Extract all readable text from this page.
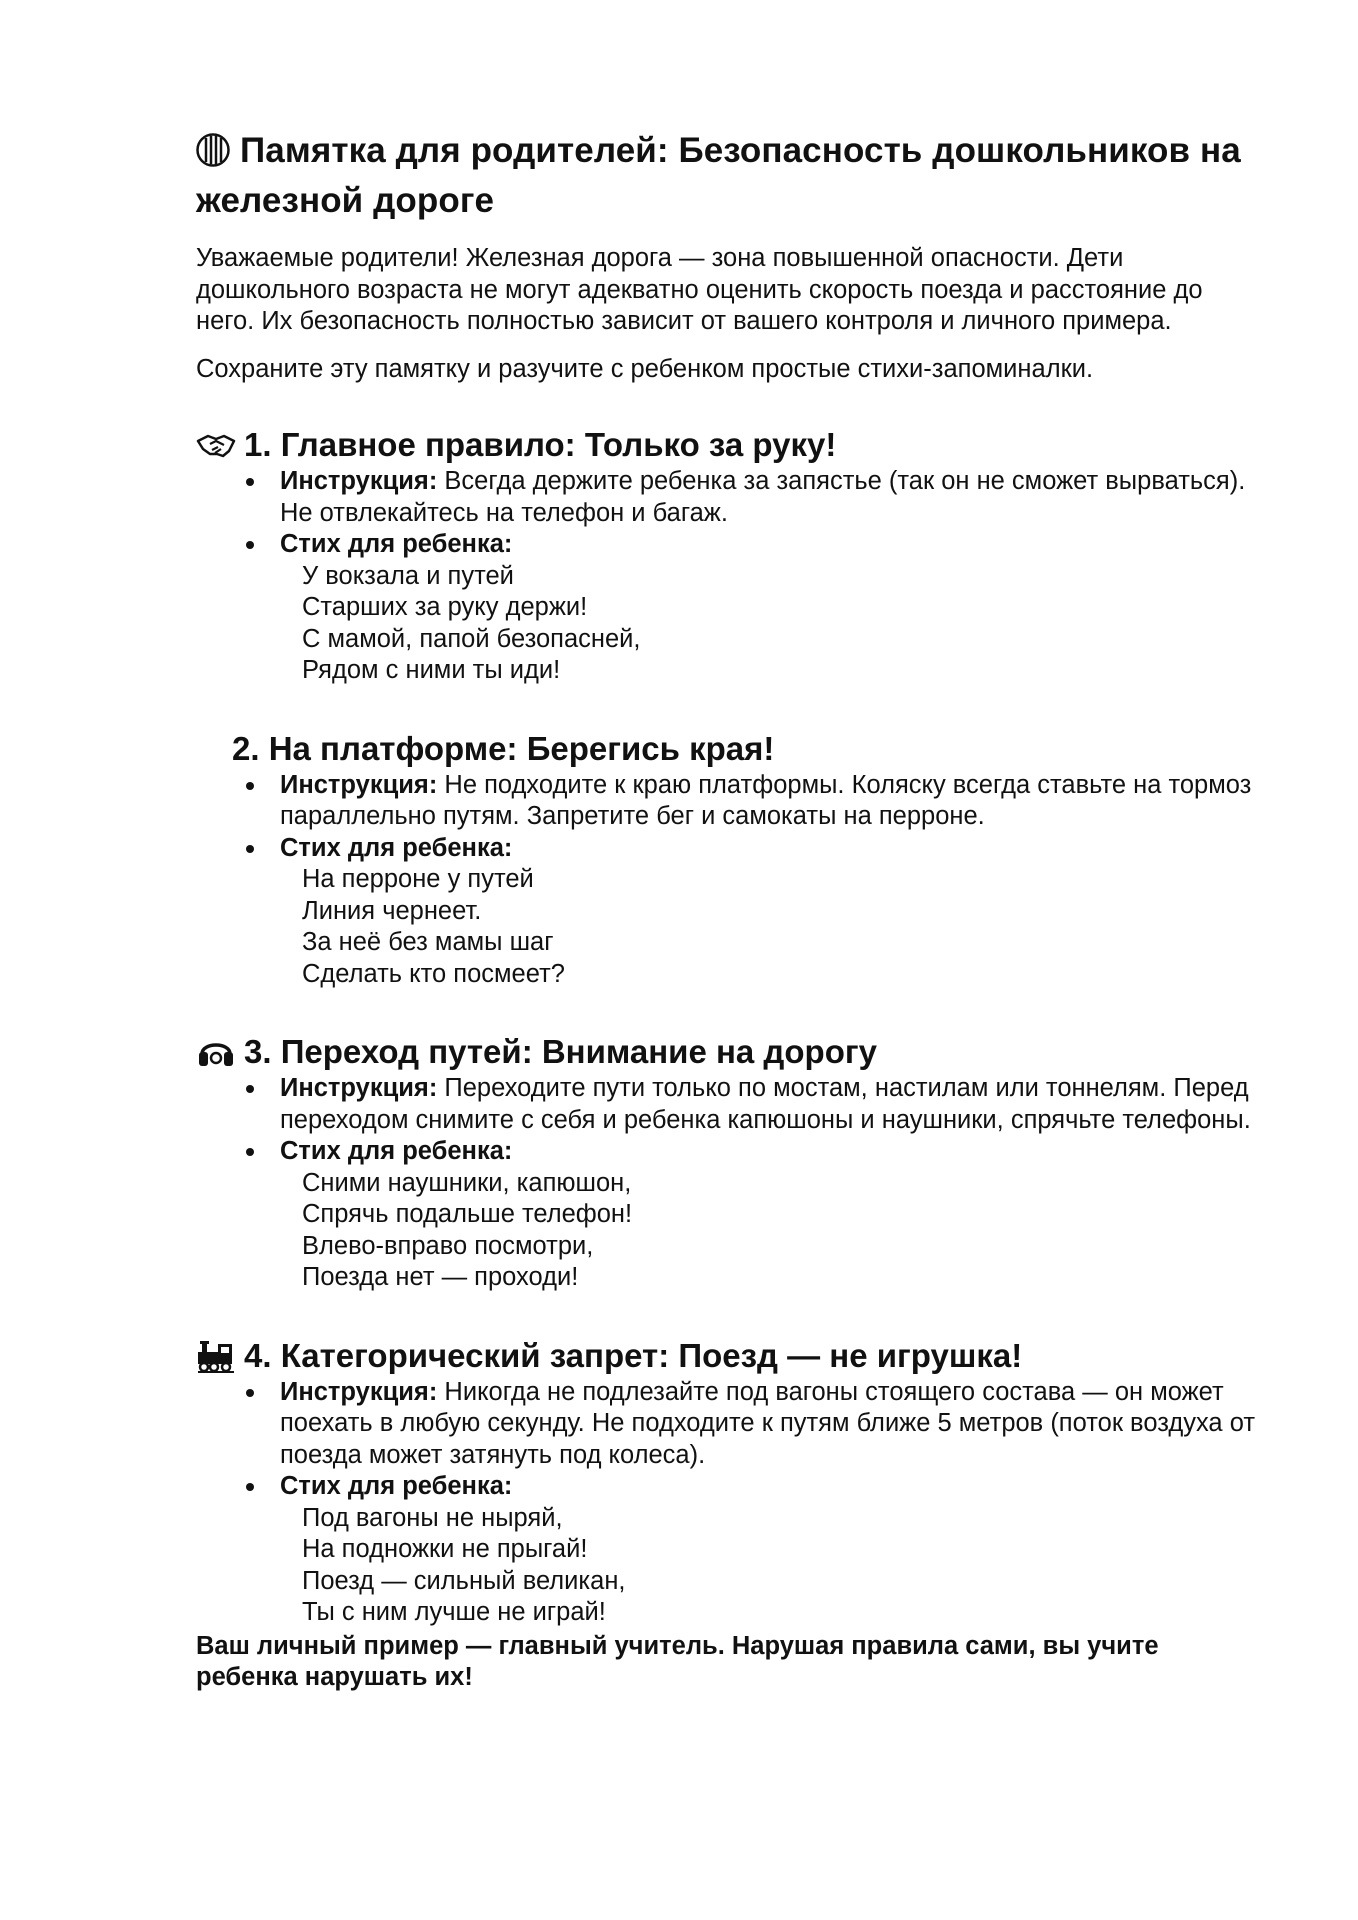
Памятка для родителей: Безопасность дошкольников на железной дороге

Уважаемые родители! Железная дорога — зона повышенной опасности. Дети дошкольного возраста не могут адекватно оценить скорость поезда и расстояние до него. Их безопасность полностью зависит от вашего контроля и личного примера.

Сохраните эту памятку и разучите с ребенком простые стихи-запоминалки.

1. Главное правило: Только за руку!
Инструкция: Всегда держите ребенка за запястье (так он не сможет вырваться). Не отвлекайтесь на телефон и багаж.
Стих для ребенка:

У вокзала и путей

Старших за руку держи!

С мамой, папой безопасней,

Рядом с ними ты иди!

2. На платформе: Берегись края!
Инструкция: Не подходите к краю платформы. Коляску всегда ставьте на тормоз параллельно путям. Запретите бег и самокаты на перроне.
Стих для ребенка:

На перроне у путей

Линия чернеет.

За неё без мамы шаг

Сделать кто посмеет?

3. Переход путей: Внимание на дорогу
Инструкция: Переходите пути только по мостам, настилам или тоннелям. Перед переходом снимите с себя и ребенка капюшоны и наушники, спрячьте телефоны.
Стих для ребенка:

Сними наушники, капюшон,

Спрячь подальше телефон!

Влево-вправо посмотри,

Поезда нет — проходи!

4. Категорический запрет: Поезд — не игрушка!
Инструкция: Никогда не подлезайте под вагоны стоящего состава — он может поехать в любую секунду. Не подходите к путям ближе 5 метров (поток воздуха от поезда может затянуть под колеса).
Стих для ребенка:

Под вагоны не ныряй,

На подножки не прыгай!

Поезд — сильный великан,

Ты с ним лучше не играй!

Ваш личный пример — главный учитель. Нарушая правила сами, вы учите ребенка нарушать их!
